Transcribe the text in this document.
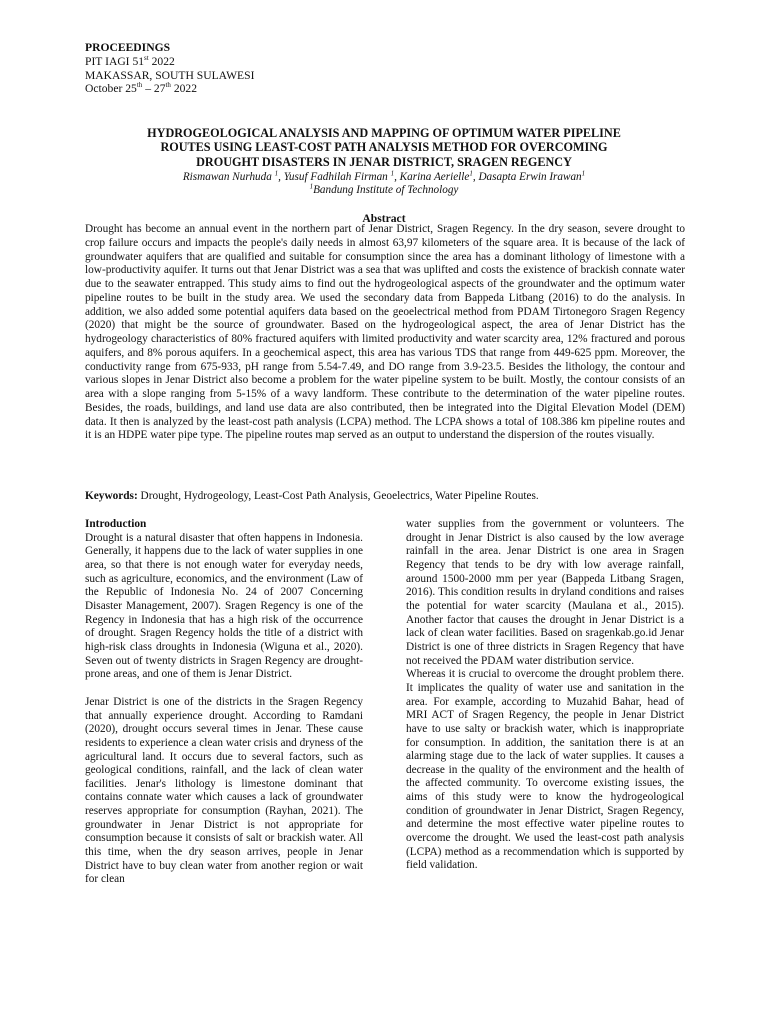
PROCEEDINGS
PIT IAGI 51st 2022
MAKASSAR, SOUTH SULAWESI
October 25th – 27th 2022
HYDROGEOLOGICAL ANALYSIS AND MAPPING OF OPTIMUM WATER PIPELINE
ROUTES USING LEAST-COST PATH ANALYSIS METHOD FOR OVERCOMING
DROUGHT DISASTERS IN JENAR DISTRICT, SRAGEN REGENCY
Rismawan Nurhuda $^1$, Yusuf Fadhilah Firman $^1$, Karina Aerielle$^1$, Dasapta Erwin Irawan$^1$
$^1$Bandung Institute of Technology
Abstract
Drought has become an annual event in the northern part of Jenar District, Sragen Regency. In the dry season, severe drought to crop failure occurs and impacts the people's daily needs in almost 63,97 kilometers of the square area. It is because of the lack of groundwater aquifers that are qualified and suitable for consumption since the area has a dominant lithology of limestone with a low-productivity aquifer. It turns out that Jenar District was a sea that was uplifted and costs the existence of brackish connate water due to the seawater entrapped. This study aims to find out the hydrogeological aspects of the groundwater and the optimum water pipeline routes to be built in the study area. We used the secondary data from Bappeda Litbang (2016) to do the analysis. In addition, we also added some potential aquifers data based on the geoelectrical method from PDAM Tirtonegoro Sragen Regency (2020) that might be the source of groundwater. Based on the hydrogeological aspect, the area of Jenar District has the hydrogeology characteristics of 80% fractured aquifers with limited productivity and water scarcity area, 12% fractured and porous aquifers, and 8% porous aquifers. In a geochemical aspect, this area has various TDS that range from 449-625 ppm. Moreover, the conductivity range from 675-933, pH range from 5.54-7.49, and DO range from 3.9-23.5. Besides the lithology, the contour and various slopes in Jenar District also become a problem for the water pipeline system to be built. Mostly, the contour consists of an area with a slope ranging from 5-15% of a wavy landform. These contribute to the determination of the water pipeline routes. Besides, the roads, buildings, and land use data are also contributed, then be integrated into the Digital Elevation Model (DEM) data. It then is analyzed by the least-cost path analysis (LCPA) method. The LCPA shows a total of 108.386 km pipeline routes and it is an HDPE water pipe type. The pipeline routes map served as an output to understand the dispersion of the routes visually.
Keywords: Drought, Hydrogeology, Least-Cost Path Analysis, Geoelectrics, Water Pipeline Routes.
Introduction

Drought is a natural disaster that often happens in Indonesia. Generally, it happens due to the lack of water supplies in one area, so that there is not enough water for everyday needs, such as agriculture, economics, and the environment (Law of the Republic of Indonesia No. 24 of 2007 Concerning Disaster Management, 2007). Sragen Regency is one of the Regency in Indonesia that has a high risk of the occurrence of drought. Sragen Regency holds the title of a district with high-risk class droughts in Indonesia (Wiguna et al., 2020). Seven out of twenty districts in Sragen Regency are drought-prone areas, and one of them is Jenar District.

Jenar District is one of the districts in the Sragen Regency that annually experience drought. According to Ramdani (2020), drought occurs several times in Jenar. These cause residents to experience a clean water crisis and dryness of the agricultural land. It occurs due to several factors, such as geological conditions, rainfall, and the lack of clean water facilities. Jenar's lithology is limestone dominant that contains connate water which causes a lack of groundwater reserves appropriate for consumption (Rayhan, 2021). The groundwater in Jenar District is not appropriate for consumption because it consists of salt or brackish water. All this time, when the dry season arrives, people in Jenar District have to buy clean water from another region or wait for clean

water supplies from the government or volunteers. The drought in Jenar District is also caused by the low average rainfall in the area. Jenar District is one area in Sragen Regency that tends to be dry with low average rainfall, around 1500-2000 mm per year (Bappeda Litbang Sragen, 2016). This condition results in dryland conditions and raises the potential for water scarcity (Maulana et al., 2015). Another factor that causes the drought in Jenar District is a lack of clean water facilities. Based on sragenkab.go.id Jenar District is one of three districts in Sragen Regency that have not received the PDAM water distribution service.

Whereas it is crucial to overcome the drought problem there. It implicates the quality of water use and sanitation in the area. For example, according to Muzahid Bahar, head of MRI ACT of Sragen Regency, the people in Jenar District have to use salty or brackish water, which is inappropriate for consumption. In addition, the sanitation there is at an alarming stage due to the lack of water supplies. It causes a decrease in the quality of the environment and the health of the affected community. To overcome existing issues, the aims of this study were to know the hydrogeological condition of groundwater in Jenar District, Sragen Regency, and determine the most effective water pipeline routes to overcome the drought. We used the least-cost path analysis (LCPA) method as a recommendation which is supported by field validation.
